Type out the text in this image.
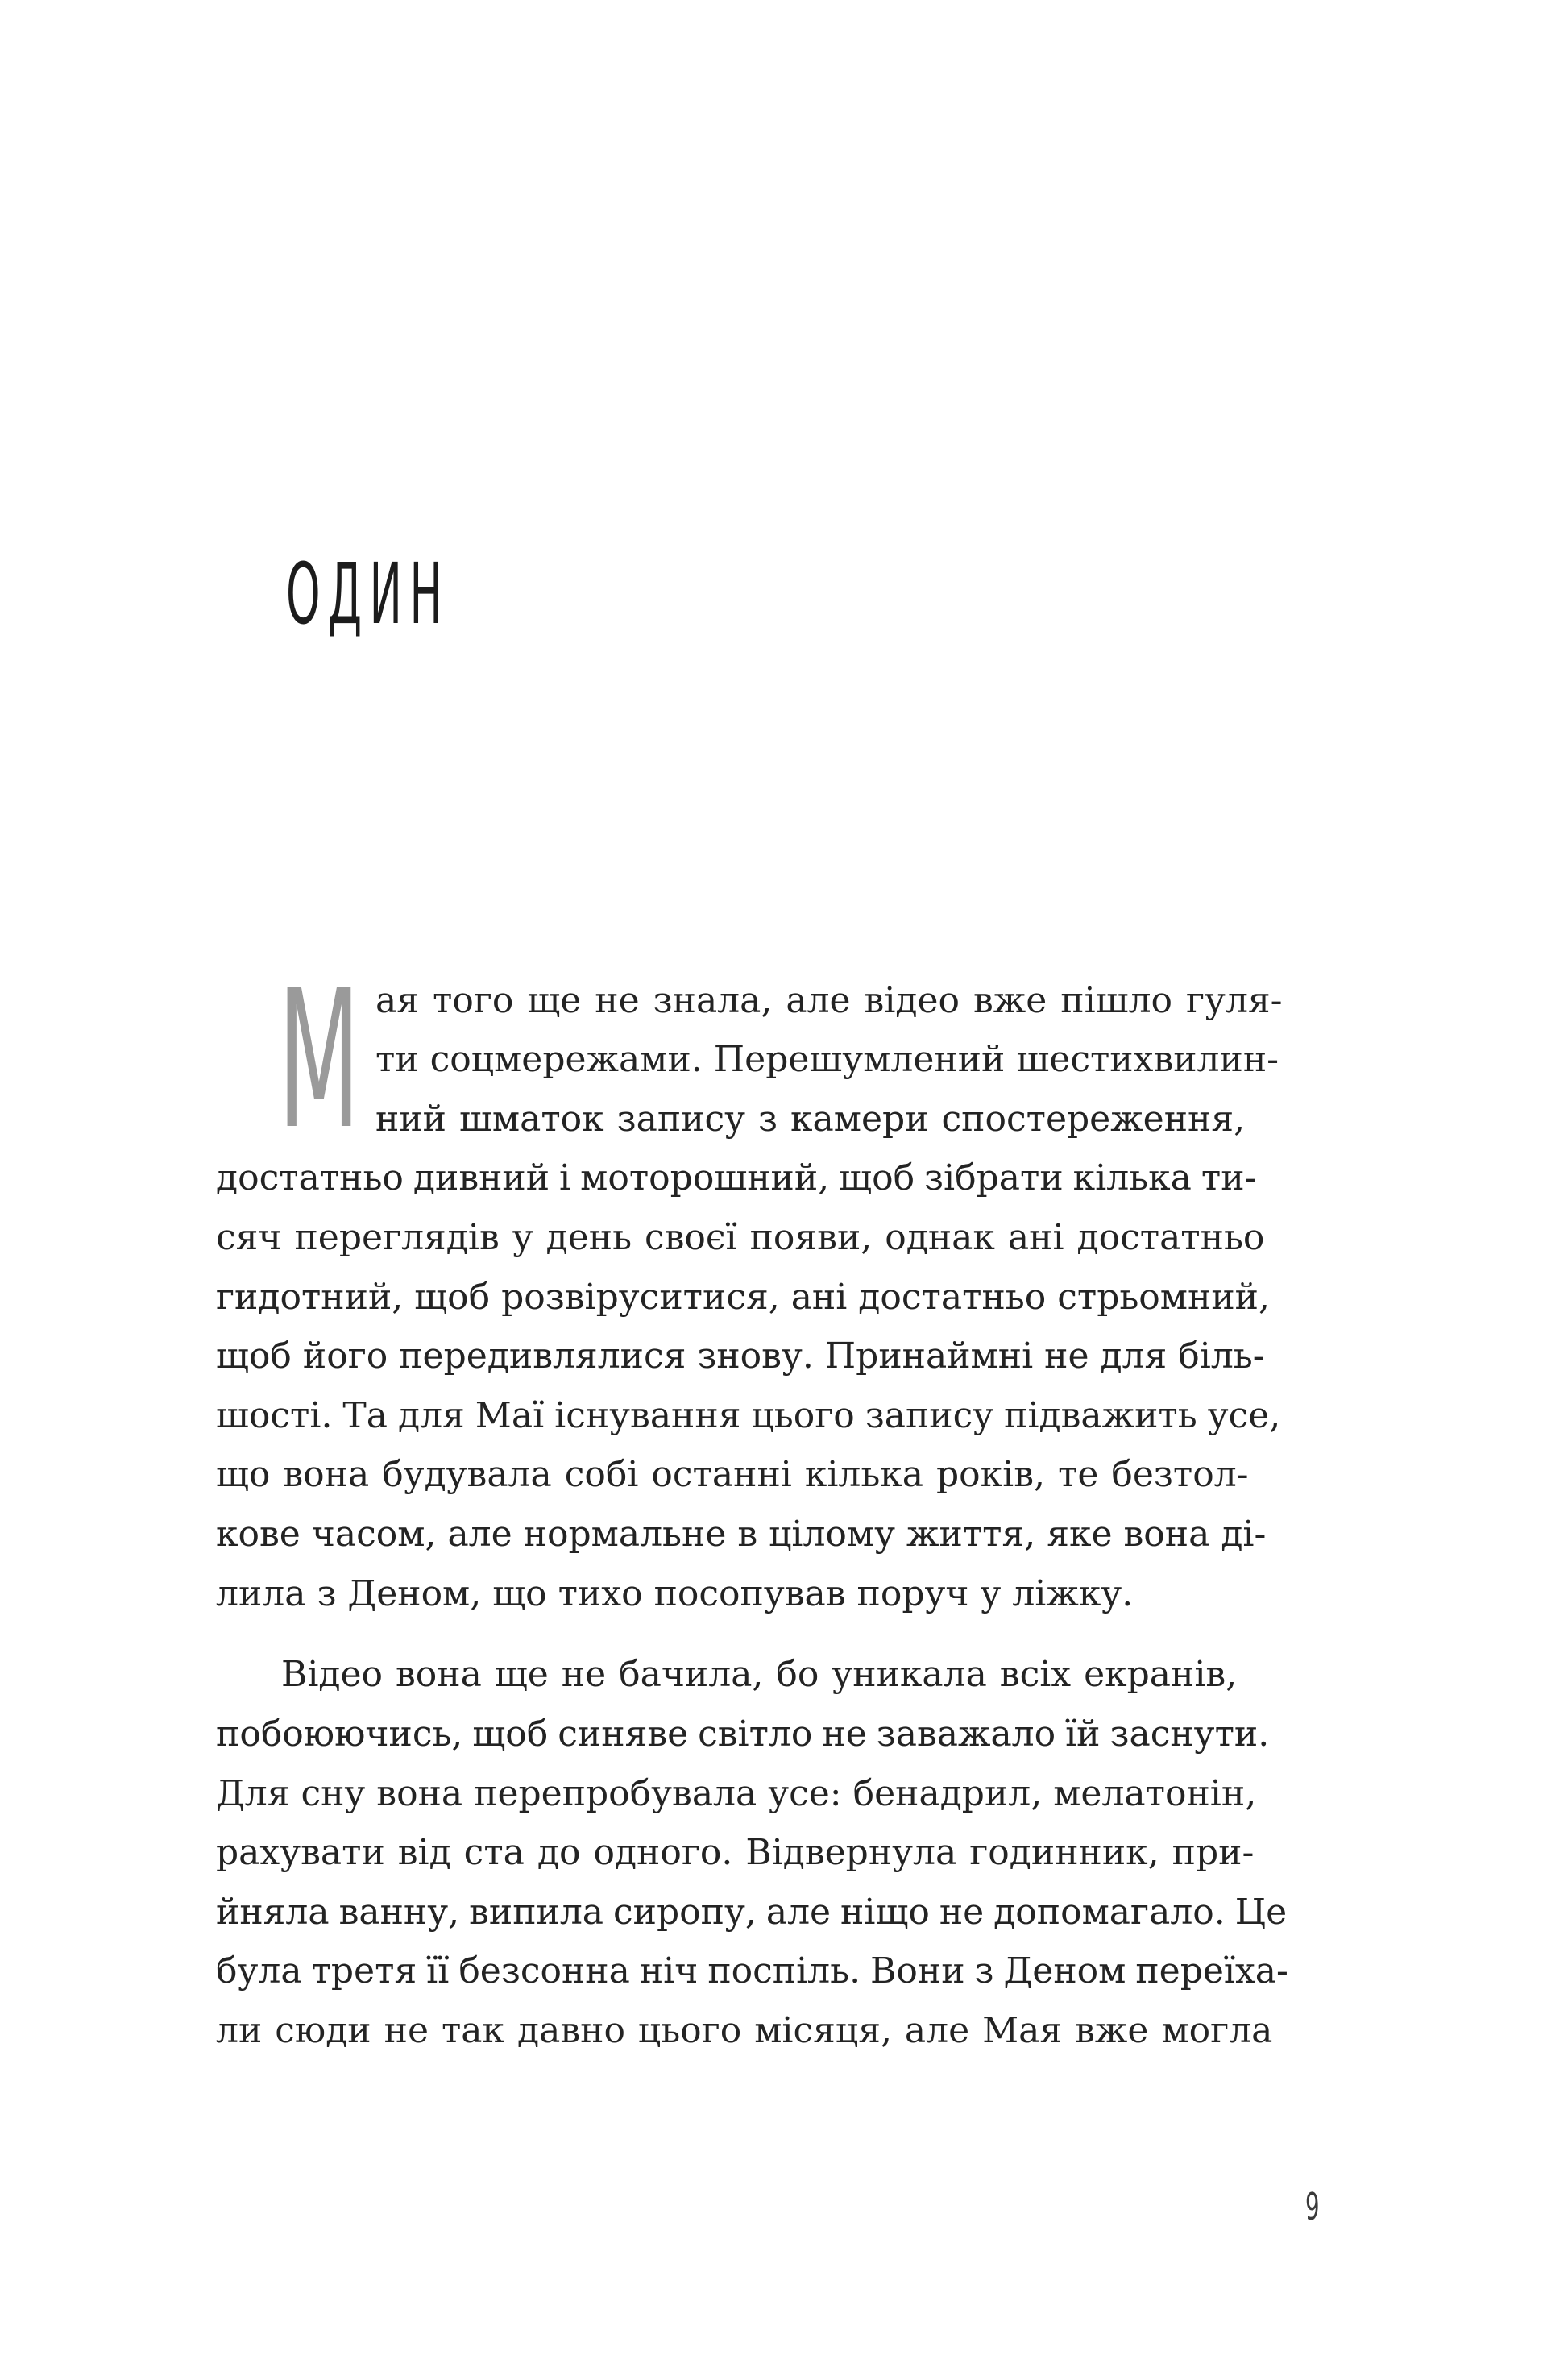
ОДИН
М ая того ще не знала, але відео вже пішло гуля-

ти соцмережами. Перешумлений шестихвилин-

ний шматок запису з камери спостереження,

достатньо дивний і моторошний, щоб зібрати кілька ти-

сяч переглядів у день своєї появи, однак ані достатньо

гидотний, щоб розвіруситися, ані достатньо стрьомний,

щоб його передивлялися знову. Принаймні не для біль-

шості. Та для Маї існування цього запису підважить усе,

що вона будувала собі останні кілька років, те безтол-

кове часом, але нормальне в цілому життя, яке вона ді-

лила з Деном, що тихо посопував поруч у ліжку.

Відео вона ще не бачила, бо уникала всіх екранів,

побоюючись, щоб синяве світло не заважало їй заснути.

Для сну вона перепробувала усе: бенадрил, мелатонін,

рахувати від ста до одного. Відвернула годинник, при-

йняла ванну, випила сиропу, але ніщо не допомагало. Це

була третя її безсонна ніч поспіль. Вони з Деном переїха-

ли сюди не так давно цього місяця, але Мая вже могла

9
